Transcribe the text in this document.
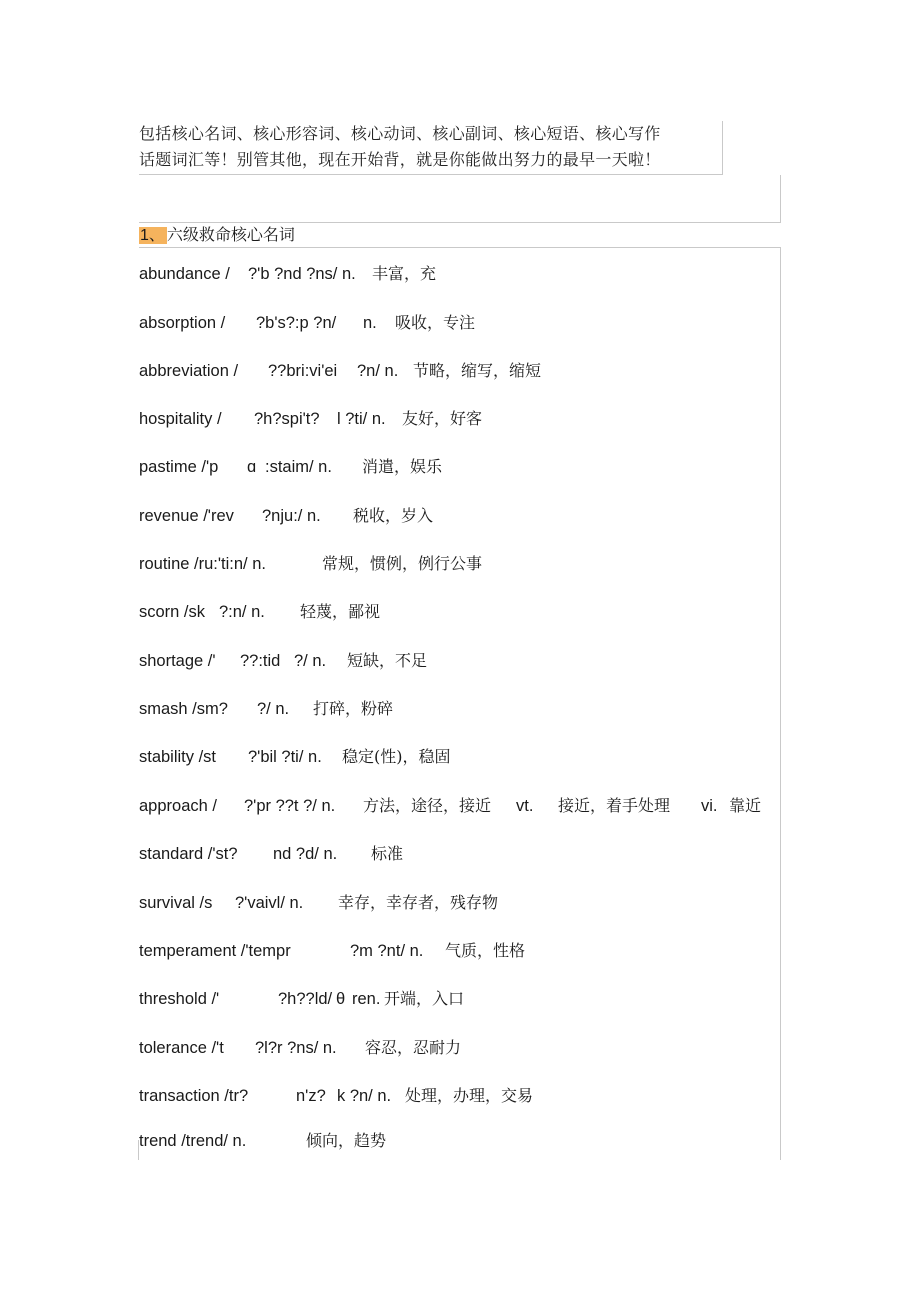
包括核心名词、核心形容词、核心动词、核心副词、核心短语、核心写作
话题词汇等！别管其他，现在开始背，就是你能做出努力的最早一天啦！
1、 六级救命核心名词
abundance / ?'b ?nd ?ns/ n. 丰富，充
absorption / ?b's?:p ?n/ n. 吸收，专注
abbreviation / ??bri:vi'ei ?n/ n. 节略，缩写，缩短
hospitality / ?h?spi't? l ?ti/ n. 友好，好客
pastime /'p ɑ :staim/ n. 消遣，娱乐
revenue /'rev ?nju:/ n. 税收，岁入
routine /ru:'ti:n/ n.	常规，惯例，例行公事
scorn /sk ?:n/ n. 轻蔑，鄙视
shortage /' ??:tid ?/ n. 短缺，不足
smash /sm? ?/ n. 打碎，粉碎
stability /st ?'bil ?ti/ n. 稳定(性)，稳固
approach / ?'pr ??t ?/ n. 方法，途径，接近 vt. 接近，着手处理 vi. 靠近
standard /'st? nd ?d/ n. 标准
survival /s ?'vaivl/ n. 幸存，幸存者，残存物
temperament /'tempr	?m ?nt/ n. 气质，性格
threshold /'	?h??ld/ θ ren. 开端，入口
tolerance /'t ?l?r ?ns/ n. 容忍，忍耐力
transaction /tr?	n'z? k ?n/ n. 处理，办理，交易
trend /trend/ n.	倾向，趋势
